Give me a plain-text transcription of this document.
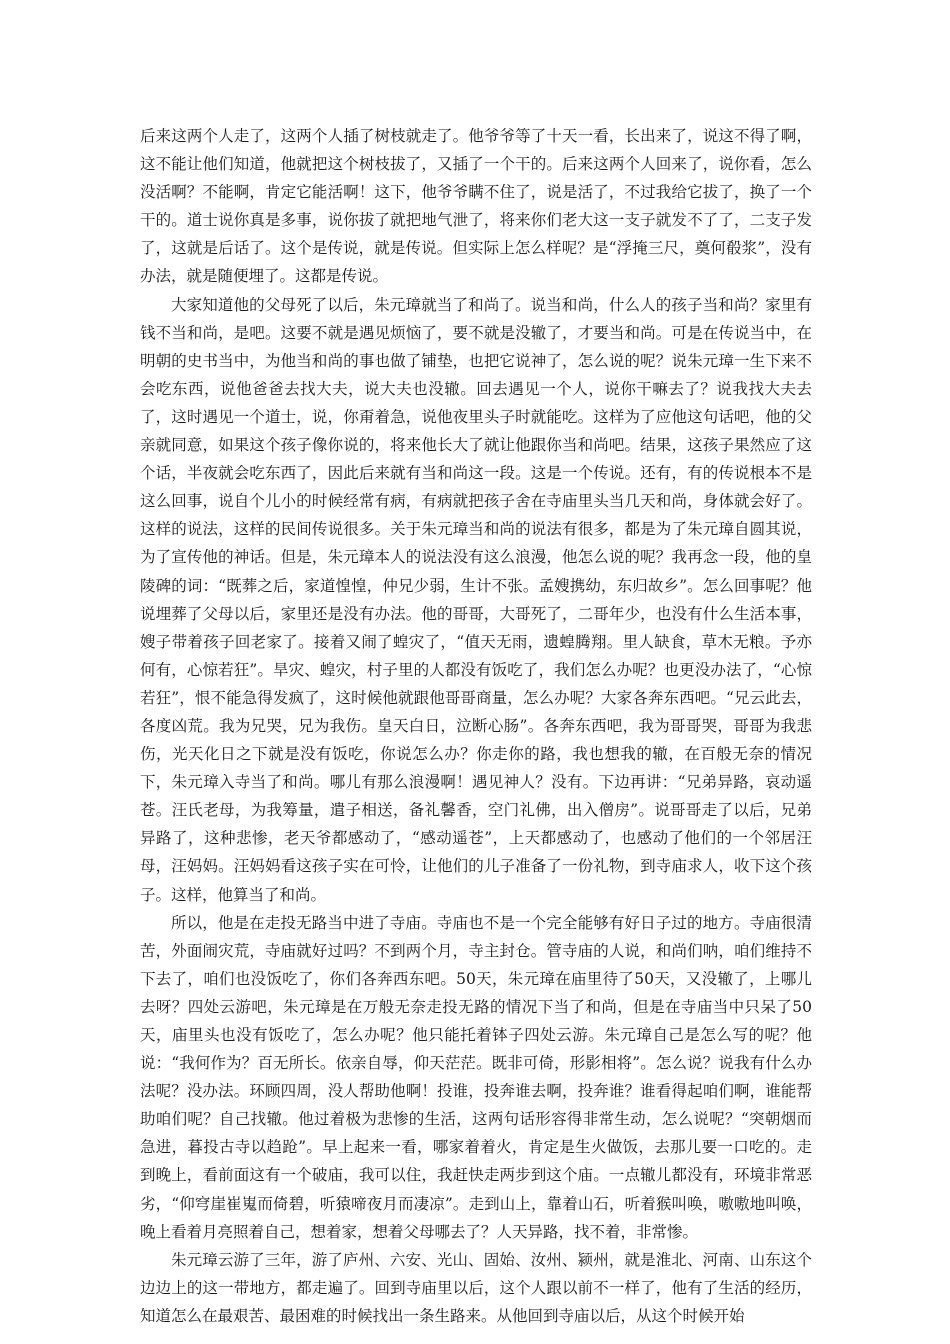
后来这两个人走了，这两个人插了树枝就走了。他爷爷等了十天一看，长出来了，说这不得了啊，这不能让他们知道，他就把这个树枝拔了，又插了一个干的。后来这两个人回来了，说你看，怎么没活啊？不能啊，肯定它能活啊！这下，他爷爷瞒不住了，说是活了，不过我给它拔了，换了一个干的。道士说你真是多事，说你拔了就把地气泄了，将来你们老大这一支子就发不了了，二支子发了，这就是后话了。这个是传说，就是传说。但实际上怎么样呢？是“浮掩三尺，奠何殽浆”，没有办法，就是随便埋了。这都是传说。

大家知道他的父母死了以后，朱元璋就当了和尚了。说当和尚，什么人的孩子当和尚？家里有钱不当和尚，是吧。这要不就是遇见烦恼了，要不就是没辙了，才要当和尚。可是在传说当中，在明朝的史书当中，为他当和尚的事也做了铺垫，也把它说神了，怎么说的呢？说朱元璋一生下来不会吃东西，说他爸爸去找大夫，说大夫也没辙。回去遇见一个人，说你干嘛去了？说我找大夫去了，这时遇见一个道士，说，你甭着急，说他夜里头子时就能吃。这样为了应他这句话吧，他的父亲就同意，如果这个孩子像你说的，将来他长大了就让他跟你当和尚吧。结果，这孩子果然应了这个话，半夜就会吃东西了，因此后来就有当和尚这一段。这是一个传说。还有，有的传说根本不是这么回事，说自个儿小的时候经常有病，有病就把孩子舍在寺庙里头当几天和尚，身体就会好了。这样的说法，这样的民间传说很多。关于朱元璋当和尚的说法有很多，都是为了朱元璋自圆其说，为了宣传他的神话。但是，朱元璋本人的说法没有这么浪漫，他怎么说的呢？我再念一段，他的皇陵碑的词：“既葬之后，家道惶惶，仲兄少弱，生计不张。孟嫂携幼，东归故乡”。怎么回事呢？他说埋葬了父母以后，家里还是没有办法。他的哥哥，大哥死了，二哥年少，也没有什么生活本事，嫂子带着孩子回老家了。接着又闹了蝗灾了，“值天无雨，遗蝗腾翔。里人缺食，草木无粮。予亦何有，心惊若狂”。旱灾、蝗灾，村子里的人都没有饭吃了，我们怎么办呢？也更没办法了，“心惊若狂”，恨不能急得发疯了，这时候他就跟他哥哥商量，怎么办呢？大家各奔东西吧。“兄云此去，各度凶荒。我为兄哭，兄为我伤。皇天白日，泣断心肠”。各奔东西吧，我为哥哥哭，哥哥为我悲伤，光天化日之下就是没有饭吃，你说怎么办？你走你的路，我也想我的辙，在百般无奈的情况下，朱元璋入寺当了和尚。哪儿有那么浪漫啊！遇见神人？没有。下边再讲：“兄弟异路，哀动遥苍。汪氏老母，为我筹量，遣子相送，备礼馨香，空门礼佛，出入僧房”。说哥哥走了以后，兄弟异路了，这种悲惨，老天爷都感动了，“感动遥苍”，上天都感动了，也感动了他们的一个邻居汪母，汪妈妈。汪妈妈看这孩子实在可怜，让他们的儿子准备了一份礼物，到寺庙求人，收下这个孩子。这样，他算当了和尚。

所以，他是在走投无路当中进了寺庙。寺庙也不是一个完全能够有好日子过的地方。寺庙很清苦，外面闹灾荒，寺庙就好过吗？不到两个月，寺主封仓。管寺庙的人说，和尚们呐，咱们维持不下去了，咱们也没饭吃了，你们各奔西东吧。50天，朱元璋在庙里待了50天，又没辙了，上哪儿去呀？四处云游吧，朱元璋是在万般无奈走投无路的情况下当了和尚，但是在寺庙当中只呆了50天，庙里头也没有饭吃了，怎么办呢？他只能托着钵子四处云游。朱元璋自己是怎么写的呢？他说：“我何作为？百无所长。依亲自辱，仰天茫茫。既非可倚，形影相将”。怎么说？说我有什么办法呢？没办法。环顾四周，没人帮助他啊！投谁，投奔谁去啊，投奔谁？谁看得起咱们啊，谁能帮助咱们呢？自己找辙。他过着极为悲惨的生活，这两句话形容得非常生动，怎么说呢？“突朝烟而急进，暮投古寺以趋跄”。早上起来一看，哪家着着火，肯定是生火做饭，去那儿要一口吃的。走到晚上，看前面这有一个破庙，我可以住，我赶快走两步到这个庙。一点辙儿都没有，环境非常恶劣，“仰穹崖崔嵬而倚碧，听猿啼夜月而凄凉”。走到山上，靠着山石，听着猴叫唤，嗷嗷地叫唤，晚上看着月亮照着自己，想着家，想着父母哪去了？人天异路，找不着，非常惨。

朱元璋云游了三年，游了庐州、六安、光山、固始、汝州、颍州，就是淮北、河南、山东这个边边上的这一带地方，都走遍了。回到寺庙里以后，这个人跟以前不一样了，他有了生活的经历，知道怎么在最艰苦、最困难的时候找出一条生路来。从他回到寺庙以后，从这个时候开始
